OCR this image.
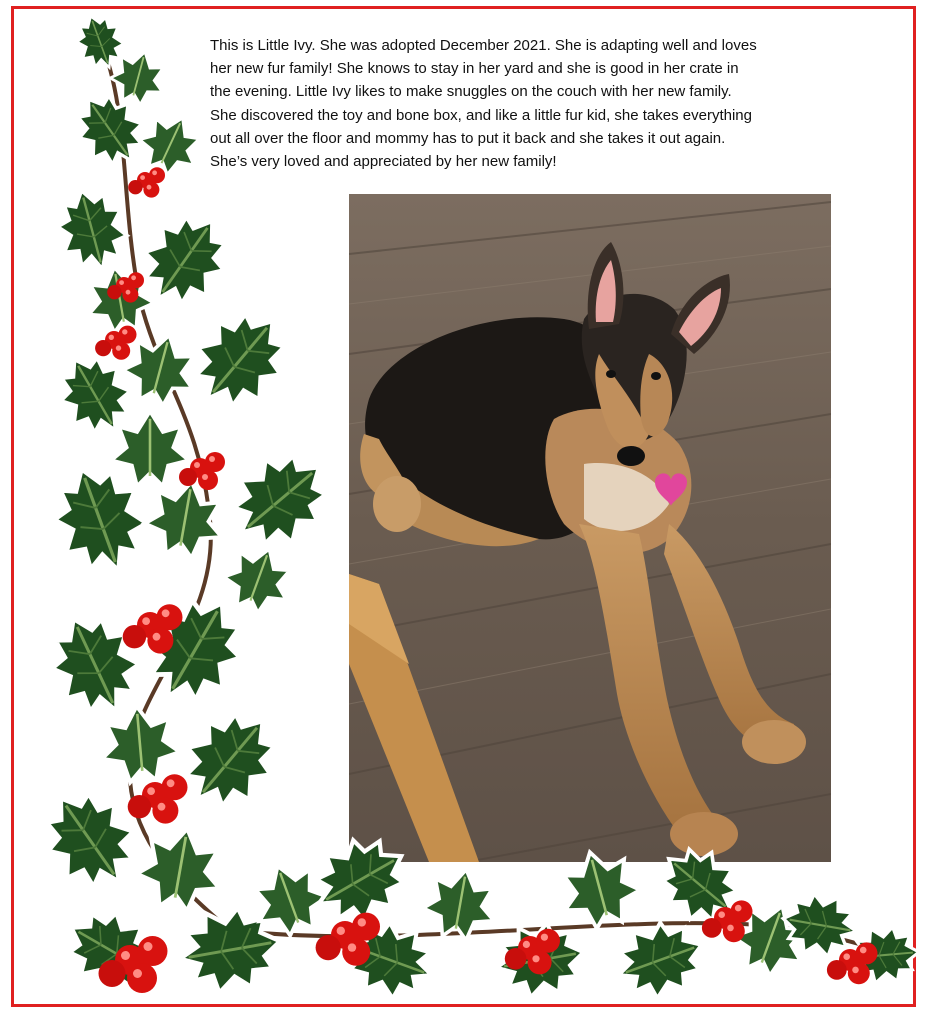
This is Little Ivy. She was adopted December 2021. She is adapting well and loves
her new fur family! She knows to stay in her yard and she is good in her crate in
the evening. Little Ivy likes to make snuggles on the couch with her new family.
She discovered the toy and bone box, and like a little fur kid, she takes everything
out all over the floor and mommy has to put it back and she takes it out again.
She’s very loved and appreciated by her new family!
